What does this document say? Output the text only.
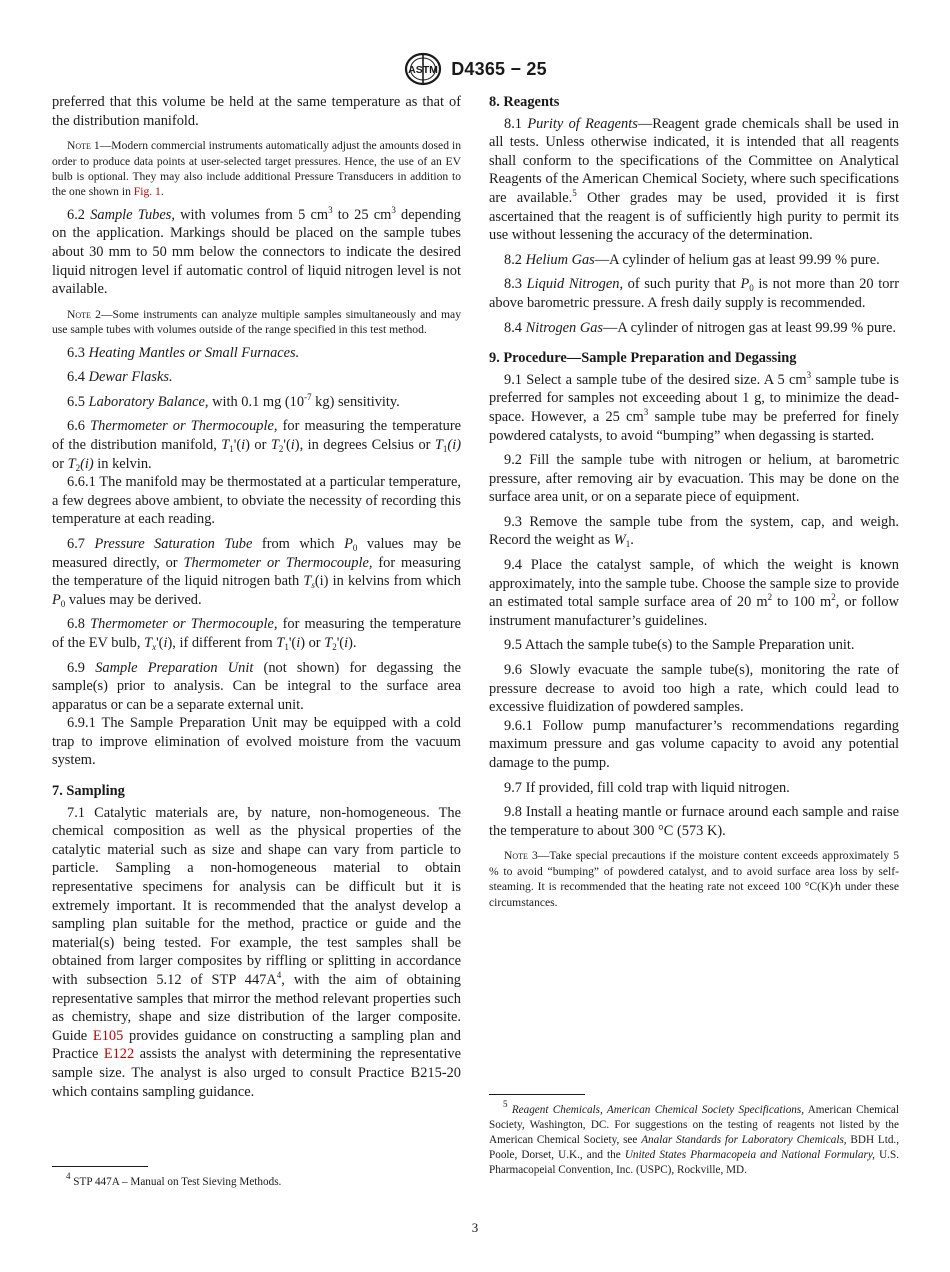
ASTM D4365 − 25

preferred that this volume be held at the same temperature as that of the distribution manifold.

Note 1—Modern commercial instruments automatically adjust the amounts dosed in order to produce data points at user-selected target pressures. Hence, the use of an EV bulb is optional. They may also include additional Pressure Transducers in addition to the one shown in Fig. 1.

6.2 Sample Tubes, with volumes from 5 $cm^3$ to 25 $cm^3$ depending on the application. Markings should be placed on the sample tubes about 30 mm to 50 mm below the connectors to indicate the desired liquid nitrogen level if automatic control of liquid nitrogen level is not available.

Note 2—Some instruments can analyze multiple samples simultaneously and may use sample tubes with volumes outside of the range specified in this test method.

6.3 Heating Mantles or Small Furnaces.

6.4 Dewar Flasks.

6.5 Laboratory Balance, with 0.1 mg ($10^{-7}$ kg) sensitivity.

6.6 Thermometer or Thermocouple, for measuring the temperature of the distribution manifold, $T_1'(i)$ or $T_2'(i)$, in degrees Celsius or $T_1(i)$ or $T_2(i)$ in kelvin.

6.6.1 The manifold may be thermostated at a particular temperature, a few degrees above ambient, to obviate the necessity of recording this temperature at each reading.

6.7 Pressure Saturation Tube from which $P_0$ values may be measured directly, or Thermometer or Thermocouple, for measuring the temperature of the liquid nitrogen bath $T_s(i)$ in kelvins from which $P_0$ values may be derived.

6.8 Thermometer or Thermocouple, for measuring the temperature of the EV bulb, $T_x'(i)$, if different from $T_1'(i)$ or $T_2'(i)$.

6.9 Sample Preparation Unit (not shown) for degassing the sample(s) prior to analysis. Can be integral to the surface area apparatus or can be a separate external unit.

6.9.1 The Sample Preparation Unit may be equipped with a cold trap to improve elimination of evolved moisture from the vacuum system.

7. Sampling

7.1 Catalytic materials are, by nature, non-homogeneous. The chemical composition as well as the physical properties of the catalytic material such as size and shape can vary from particle to particle. Sampling a non-homogeneous material to obtain representative specimens for analysis can be difficult but it is extremely important. It is recommended that the analyst develop a sampling plan suitable for the method, practice or guide and the material(s) being tested. For example, the test samples shall be obtained from larger composites by riffling or splitting in accordance with subsection 5.12 of STP $447A^4$, with the aim of obtaining representative samples that mirror the method relevant properties such as chemistry, shape and size distribution of the larger composite. Guide E105 provides guidance on constructing a sampling plan and Practice E122 assists the analyst with determining the representative sample size. The analyst is also urged to consult Practice B215-20 which contains sampling guidance.

$^4$ STP 447A – Manual on Test Sieving Methods.

8. Reagents

8.1 Purity of Reagents—Reagent grade chemicals shall be used in all tests. Unless otherwise indicated, it is intended that all reagents shall conform to the specifications of the Committee on Analytical Reagents of the American Chemical Society, where such specifications are available.$^5$ Other grades may be used, provided it is first ascertained that the reagent is of sufficiently high purity to permit its use without lessening the accuracy of the determination.

8.2 Helium Gas—A cylinder of helium gas at least 99.99 % pure.

8.3 Liquid Nitrogen, of such purity that $P_0$ is not more than 20 torr above barometric pressure. A fresh daily supply is recommended.

8.4 Nitrogen Gas—A cylinder of nitrogen gas at least 99.99 % pure.

9. Procedure—Sample Preparation and Degassing

9.1 Select a sample tube of the desired size. A 5 $cm^3$ sample tube is preferred for samples not exceeding about 1 g, to minimize the dead-space. However, a 25 $cm^3$ sample tube may be preferred for finely powdered catalysts, to avoid “bumping” when degassing is started.

9.2 Fill the sample tube with nitrogen or helium, at barometric pressure, after removing air by evacuation. This may be done on the surface area unit, or on a separate piece of equipment.

9.3 Remove the sample tube from the system, cap, and weigh. Record the weight as $W_1$.

9.4 Place the catalyst sample, of which the weight is known approximately, into the sample tube. Choose the sample size to provide an estimated total sample surface area of 20 $m^2$ to 100 $m^2$, or follow instrument manufacturer’s guidelines.

9.5 Attach the sample tube(s) to the Sample Preparation unit.

9.6 Slowly evacuate the sample tube(s), monitoring the rate of pressure decrease to avoid too high a rate, which could lead to excessive fluidization of powdered samples.

9.6.1 Follow pump manufacturer’s recommendations regarding maximum pressure and gas volume capacity to avoid any potential damage to the pump.

9.7 If provided, fill cold trap with liquid nitrogen.

9.8 Install a heating mantle or furnace around each sample and raise the temperature to about 300 °C (573 K).

Note 3—Take special precautions if the moisture content exceeds approximately 5 % to avoid “bumping” of powdered catalyst, and to avoid surface area loss by self-steaming. It is recommended that the heating rate not exceed 100 °C(K)⁄h under these circumstances.

$^5$ Reagent Chemicals, American Chemical Society Specifications, American Chemical Society, Washington, DC. For suggestions on the testing of reagents not listed by the American Chemical Society, see Analar Standards for Laboratory Chemicals, BDH Ltd., Poole, Dorset, U.K., and the United States Pharmacopeia and National Formulary, U.S. Pharmacopeial Convention, Inc. (USPC), Rockville, MD.

3
